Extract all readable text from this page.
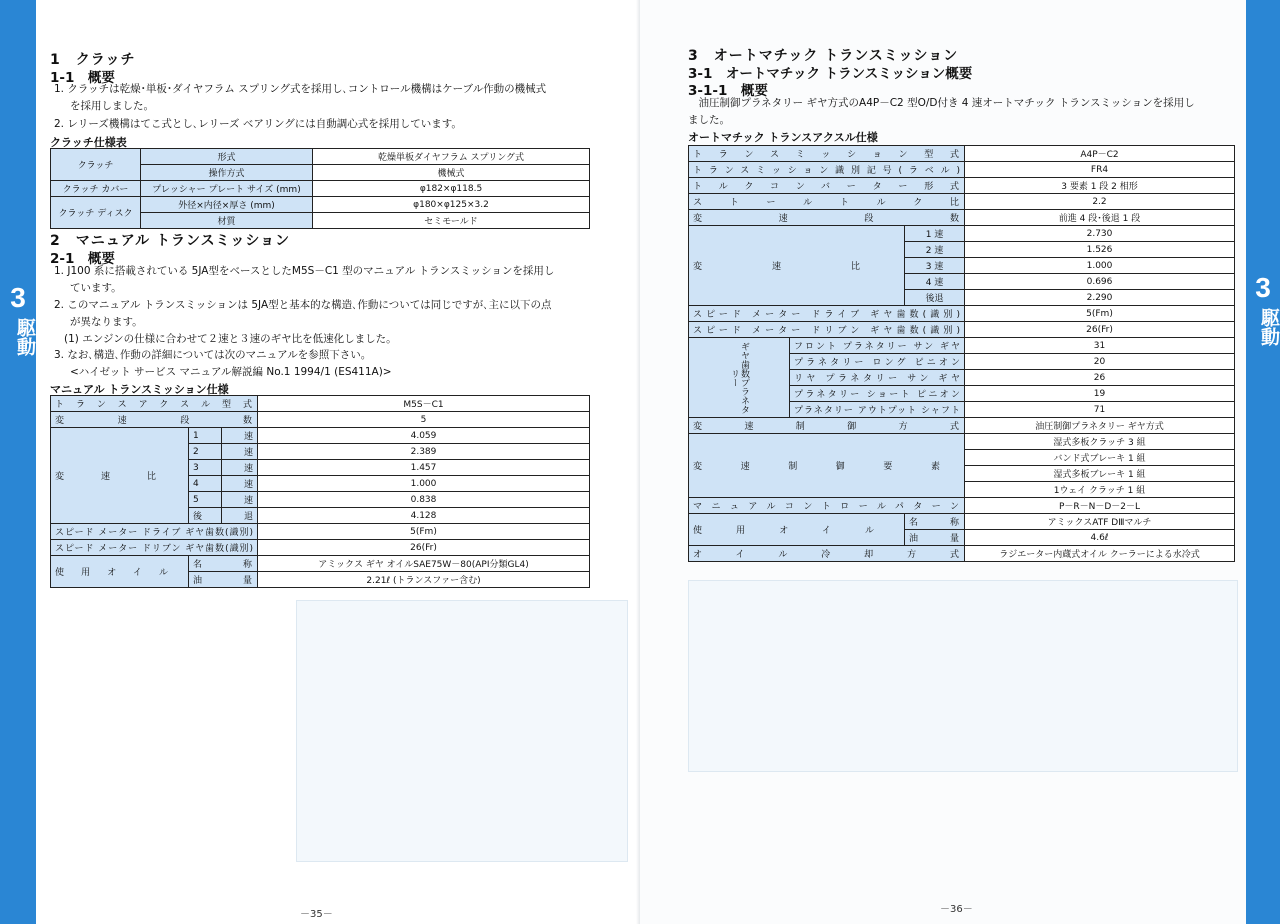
3
駆動
3
駆動
1　クラッチ
1-1　概要
1. クラッチは乾燥･単板･ダイヤフラム スプリング式を採用し､コントロール機構はケーブル作動の機械式
を採用しました。
2. レリーズ機構はてこ式とし､レリーズ ベアリングには自動調心式を採用しています。
クラッチ仕様表
クラッチ	形式	乾燥単板ダイヤフラム スプリング式
	操作方式	機械式
クラッチ カバー	プレッシャー プレート サイズ (mm)	φ182×φ118.5
クラッチ ディスク	外径×内径×厚さ (mm)	φ180×φ125×3.2
	材質	セミモールド
2　マニュアル トランスミッション
2-1　概要
1. J100 系に搭載されている 5JA型をベースとしたM5S－C1 型のマニュアル トランスミッションを採用し
ています。
2. このマニュアル トランスミッションは 5JA型と基本的な構造､作動については同じですが､主に以下の点
が異なります。
(1) エンジンの仕様に合わせて２速と３速のギヤ比を低速化しました。
3. なお､構造､作動の詳細については次のマニュアルを参照下さい。
<ハイゼット サービス マニュアル解説編 No.1 1994/1 (ES411A)>
マニュアル トランスミッション仕様
トランスアクスル型式			M5S－C1
変速段数			5
変速比	1	速	4.059
	2	速	2.389
	3	速	1.457
	4	速	1.000
	5	速	0.838
	後	退	4.128
スピード メーター ドライブ ギヤ歯数(識別)			5(Fm)
スピード メーター ドリブン ギヤ歯数(識別)			26(Fr)
使用オイル	名　　称		アミックス ギヤ オイルSAE75W－80(API分類GL4)
	油　　量		2.21ℓ (トランスファー含む)
－35－
3　オートマチック トランスミッション
3-1　オートマチック トランスミッション概要
3-1-1　概要
　油圧制御プラネタリー ギヤ方式のA4P－C2 型O/D付き 4 速オートマチック トランスミッションを採用し
ました。
オートマチック トランスアクスル仕様
トランスミッション型式			A4P－C2
トランスミッション識別記号(ラベル)			FR4
トルクコンバーター形式			3 要素 1 段 2 相形
ストールトルク比			2.2
変速段数			前進 4 段･後退 1 段
変速比		1 速	2.730
		2 速	1.526
		3 速	1.000
		4 速	0.696
		後退	2.290
スピード メーター ドライブ ギヤ歯数(識別)			5(Fm)
スピード メーター ドリブン ギヤ歯数(識別)			26(Fr)
ギヤ歯数プラネタリー	フロント プラネタリー サン ギヤ		31
	プラネタリー ロング ピニオン		20
	リヤ プラネタリー サン ギヤ		26
	プラネタリー ショート ピニオン		19
	プラネタリー アウトプット シャフト		71
変速制御方式			油圧制御プラネタリー ギヤ方式
変速制御要素			湿式多板クラッチ 3 組
			バンド式ブレーキ 1 組
			湿式多板ブレーキ 1 組
			1ウェイ クラッチ 1 組
マニュアルコントロールパターン			P－R－N－D－2－L
使用オイル		名　称	アミックスATF DⅢマルチ
		油　量	4.6ℓ
オイル冷却方式			ラジエーター内蔵式オイル クーラーによる水冷式
－36－
